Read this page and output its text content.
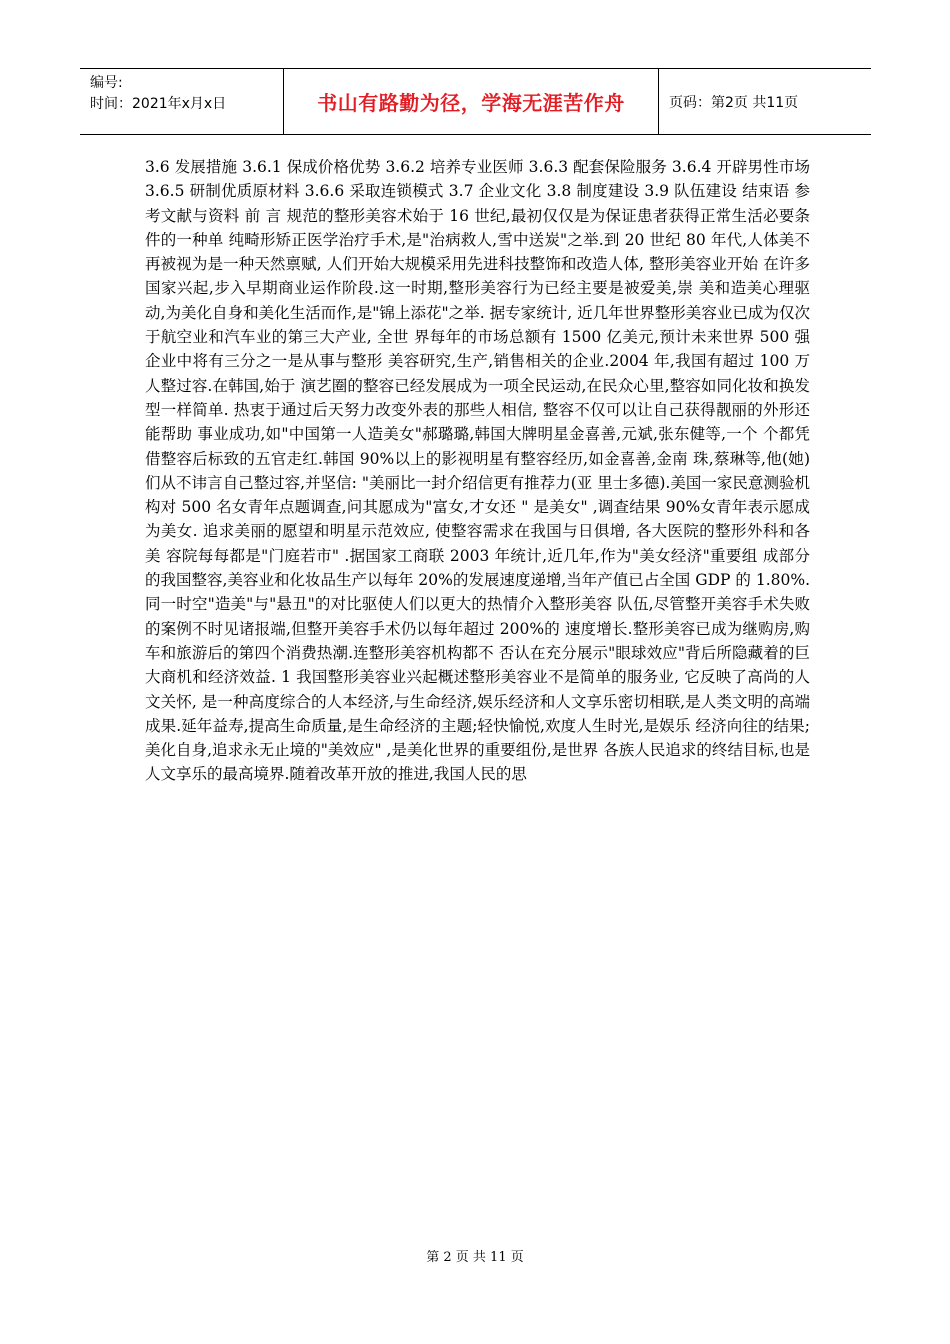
编号:
时间：2021年x月x日	书山有路勤为径，学海无涯苦作舟	页码：第2页 共11页
3.6 发展措施 3.6.1 保成价格优势 3.6.2 培养专业医师 3.6.3 配套保险服务 3.6.4 开辟男性市场 3.6.5 研制优质原材料 3.6.6 采取连锁模式 3.7 企业文化 3.8 制度建设 3.9 队伍建设 结束语 参考文献与资料 前 言 规范的整形美容术始于 16 世纪,最初仅仅是为保证患者获得正常生活必要条件的一种单 纯畸形矫正医学治疗手术,是"治病救人,雪中送炭"之举.到 20 世纪 80 年代,人体美不 再被视为是一种天然禀赋, 人们开始大规模采用先进科技整饰和改造人体, 整形美容业开始 在许多国家兴起,步入早期商业运作阶段.这一时期,整形美容行为已经主要是被爱美,崇 美和造美心理驱动,为美化自身和美化生活而作,是"锦上添花"之举. 据专家统计, 近几年世界整形美容业已成为仅次于航空业和汽车业的第三大产业, 全世 界每年的市场总额有 1500 亿美元,预计未来世界 500 强企业中将有三分之一是从事与整形 美容研究,生产,销售相关的企业.2004 年,我国有超过 100 万人整过容.在韩国,始于 演艺圈的整容已经发展成为一项全民运动,在民众心里,整容如同化妆和换发型一样简单. 热衷于通过后天努力改变外表的那些人相信, 整容不仅可以让自己获得靓丽的外形还能帮助 事业成功,如"中国第一人造美女"郝璐璐,韩国大牌明星金喜善,元斌,张东健等,一个 个都凭借整容后标致的五官走红.韩国 90%以上的影视明星有整容经历,如金喜善,金南 珠,蔡琳等,他(她)们从不讳言自己整过容,并坚信: "美丽比一封介绍信更有推荐力(亚 里士多德).美国一家民意测验机构对 500 名女青年点题调查,问其愿成为"富女,才女还 " 是美女" ,调查结果 90%女青年表示愿成为美女. 追求美丽的愿望和明星示范效应, 使整容需求在我国与日俱增, 各大医院的整形外科和各美 容院每每都是"门庭若市" .据国家工商联 2003 年统计,近几年,作为"美女经济"重要组 成部分的我国整容,美容业和化妆品生产以每年 20%的发展速度递增,当年产值已占全国 GDP 的 1.80%.同一时空"造美"与"悬丑"的对比驱使人们以更大的热情介入整形美容 队伍,尽管整开美容手术失败的案例不时见诸报端,但整开美容手术仍以每年超过 200%的 速度增长.整形美容已成为继购房,购车和旅游后的第四个消费热潮.连整形美容机构都不 否认在充分展示"眼球效应"背后所隐藏着的巨大商机和经济效益. 1 我国整形美容业兴起概述整形美容业不是简单的服务业, 它反映了高尚的人文关怀, 是一种高度综合的人本经济,与生命经济,娱乐经济和人文享乐密切相联,是人类文明的高端成果.延年益寿,提高生命质量,是生命经济的主题;轻快愉悦,欢度人生时光,是娱乐 经济向往的结果;美化自身,追求永无止境的"美效应" ,是美化世界的重要组份,是世界 各族人民追求的终结目标,也是人文享乐的最高境界.随着改革开放的推进,我国人民的思
第 2 页 共 11 页
